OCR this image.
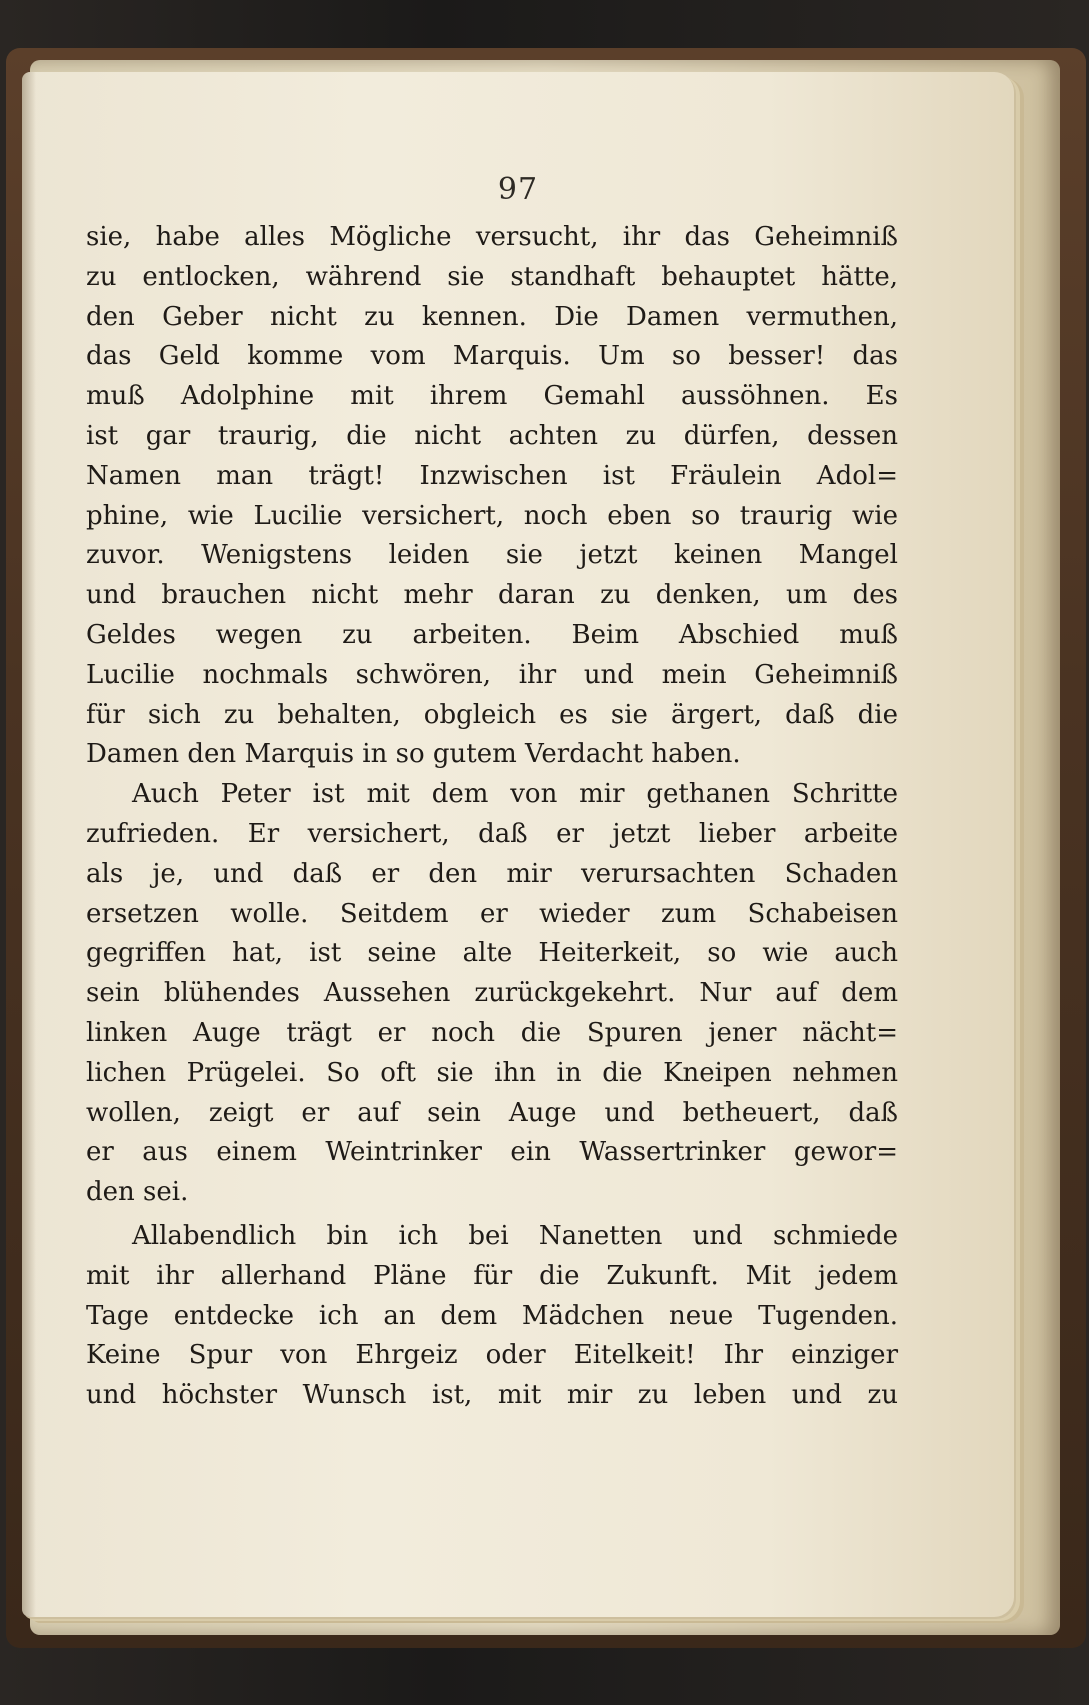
97
sie, habe alles Mögliche versucht, ihr das Geheimniß
zu entlocken, während sie standhaft behauptet hätte,
den Geber nicht zu kennen. Die Damen vermuthen,
das Geld komme vom Marquis. Um so besser! das
muß Adolphine mit ihrem Gemahl aussöhnen. Es
ist gar traurig, die nicht achten zu dürfen, dessen
Namen man trägt! Inzwischen ist Fräulein Adol=
phine, wie Lucilie versichert, noch eben so traurig wie
zuvor. Wenigstens leiden sie jetzt keinen Mangel
und brauchen nicht mehr daran zu denken, um des
Geldes wegen zu arbeiten. Beim Abschied muß
Lucilie nochmals schwören, ihr und mein Geheimniß
für sich zu behalten, obgleich es sie ärgert, daß die
Damen den Marquis in so gutem Verdacht haben.
Auch Peter ist mit dem von mir gethanen Schritte
zufrieden. Er versichert, daß er jetzt lieber arbeite
als je, und daß er den mir verursachten Schaden
ersetzen wolle. Seitdem er wieder zum Schabeisen
gegriffen hat, ist seine alte Heiterkeit, so wie auch
sein blühendes Aussehen zurückgekehrt. Nur auf dem
linken Auge trägt er noch die Spuren jener nächt=
lichen Prügelei. So oft sie ihn in die Kneipen nehmen
wollen, zeigt er auf sein Auge und betheuert, daß
er aus einem Weintrinker ein Wassertrinker gewor=
den sei.
Allabendlich bin ich bei Nanetten und schmiede
mit ihr allerhand Pläne für die Zukunft. Mit jedem
Tage entdecke ich an dem Mädchen neue Tugenden.
Keine Spur von Ehrgeiz oder Eitelkeit! Ihr einziger
und höchster Wunsch ist, mit mir zu leben und zu
